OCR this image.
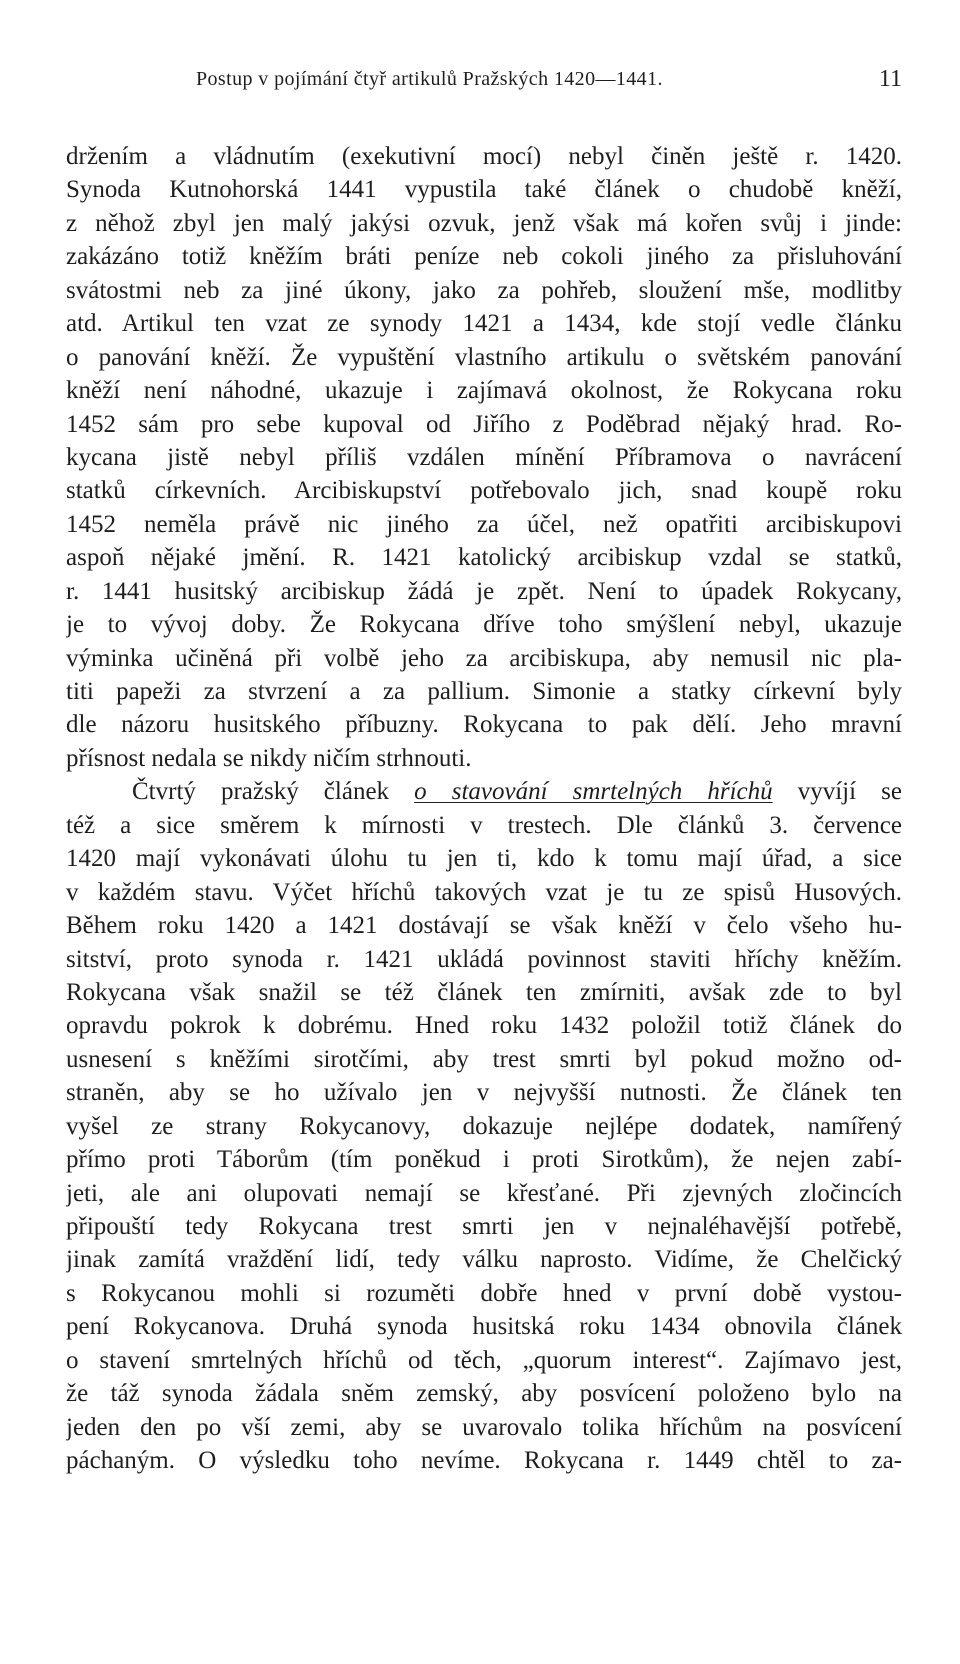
Postup v pojímání čtyř artikulů Pražských 1420—1441.	11
držením a vládnutím (exekutivní mocí) nebyl činěn ještě r. 1420.
Synoda Kutnohorská 1441 vypustila také článek o chudobě kněží,
z něhož zbyl jen malý jakýsi ozvuk, jenž však má kořen svůj i jinde:
zakázáno totiž kněžím bráti peníze neb cokoli jiného za přisluhování
svátostmi neb za jiné úkony, jako za pohřeb, sloužení mše, modlitby
atd. Artikul ten vzat ze synody 1421 a 1434, kde stojí vedle článku
o panování kněží. Že vypuštění vlastního artikulu o světském panování
kněží není náhodné, ukazuje i zajímavá okolnost, že Rokycana roku
1452 sám pro sebe kupoval od Jiřího z Poděbrad nějaký hrad. Ro-
kycana jistě nebyl příliš vzdálen mínění Příbramova o navrácení
statků církevních. Arcibiskupství potřebovalo jich, snad koupě roku
1452 neměla právě nic jiného za účel, než opatřiti arcibiskupovi
aspoň nějaké jmění. R. 1421 katolický arcibiskup vzdal se statků,
r. 1441 husitský arcibiskup žádá je zpět. Není to úpadek Rokycany,
je to vývoj doby. Že Rokycana dříve toho smýšlení nebyl, ukazuje
výminka učiněná při volbě jeho za arcibiskupa, aby nemusil nic pla-
titi papeži za stvrzení a za pallium. Simonie a statky církevní byly
dle názoru husitského příbuzny. Rokycana to pak dělí. Jeho mravní
přísnost nedala se nikdy ničím strhnouti.
Čtvrtý pražský článek o stavování smrtelných hříchů vyvíjí se
též a sice směrem k mírnosti v trestech. Dle článků 3. července
1420 mají vykonávati úlohu tu jen ti, kdo k tomu mají úřad, a sice
v každém stavu. Výčet hříchů takových vzat je tu ze spisů Husových.
Během roku 1420 a 1421 dostávají se však kněží v čelo všeho hu-
sitství, proto synoda r. 1421 ukládá povinnost staviti hříchy kněžím.
Rokycana však snažil se též článek ten zmírniti, avšak zde to byl
opravdu pokrok k dobrému. Hned roku 1432 položil totiž článek do
usnesení s kněžími sirotčími, aby trest smrti byl pokud možno od-
straněn, aby se ho užívalo jen v nejvyšší nutnosti. Že článek ten
vyšel ze strany Rokycanovy, dokazuje nejlépe dodatek, namířený
přímo proti Táborům (tím poněkud i proti Sirotkům), že nejen zabí-
jeti, ale ani olupovati nemají se křesťané. Při zjevných zločincích
připouští tedy Rokycana trest smrti jen v nejnaléhavější potřebě,
jinak zamítá vraždění lidí, tedy válku naprosto. Vidíme, že Chelčický
s Rokycanou mohli si rozuměti dobře hned v první době vystou-
pení Rokycanova. Druhá synoda husitská roku 1434 obnovila článek
o stavení smrtelných hříchů od těch, „quorum interest“. Zajímavo jest,
že táž synoda žádala sněm zemský, aby posvícení položeno bylo na
jeden den po vší zemi, aby se uvarovalo tolika hříchům na posvícení
páchaným. O výsledku toho nevíme. Rokycana r. 1449 chtěl to za-
